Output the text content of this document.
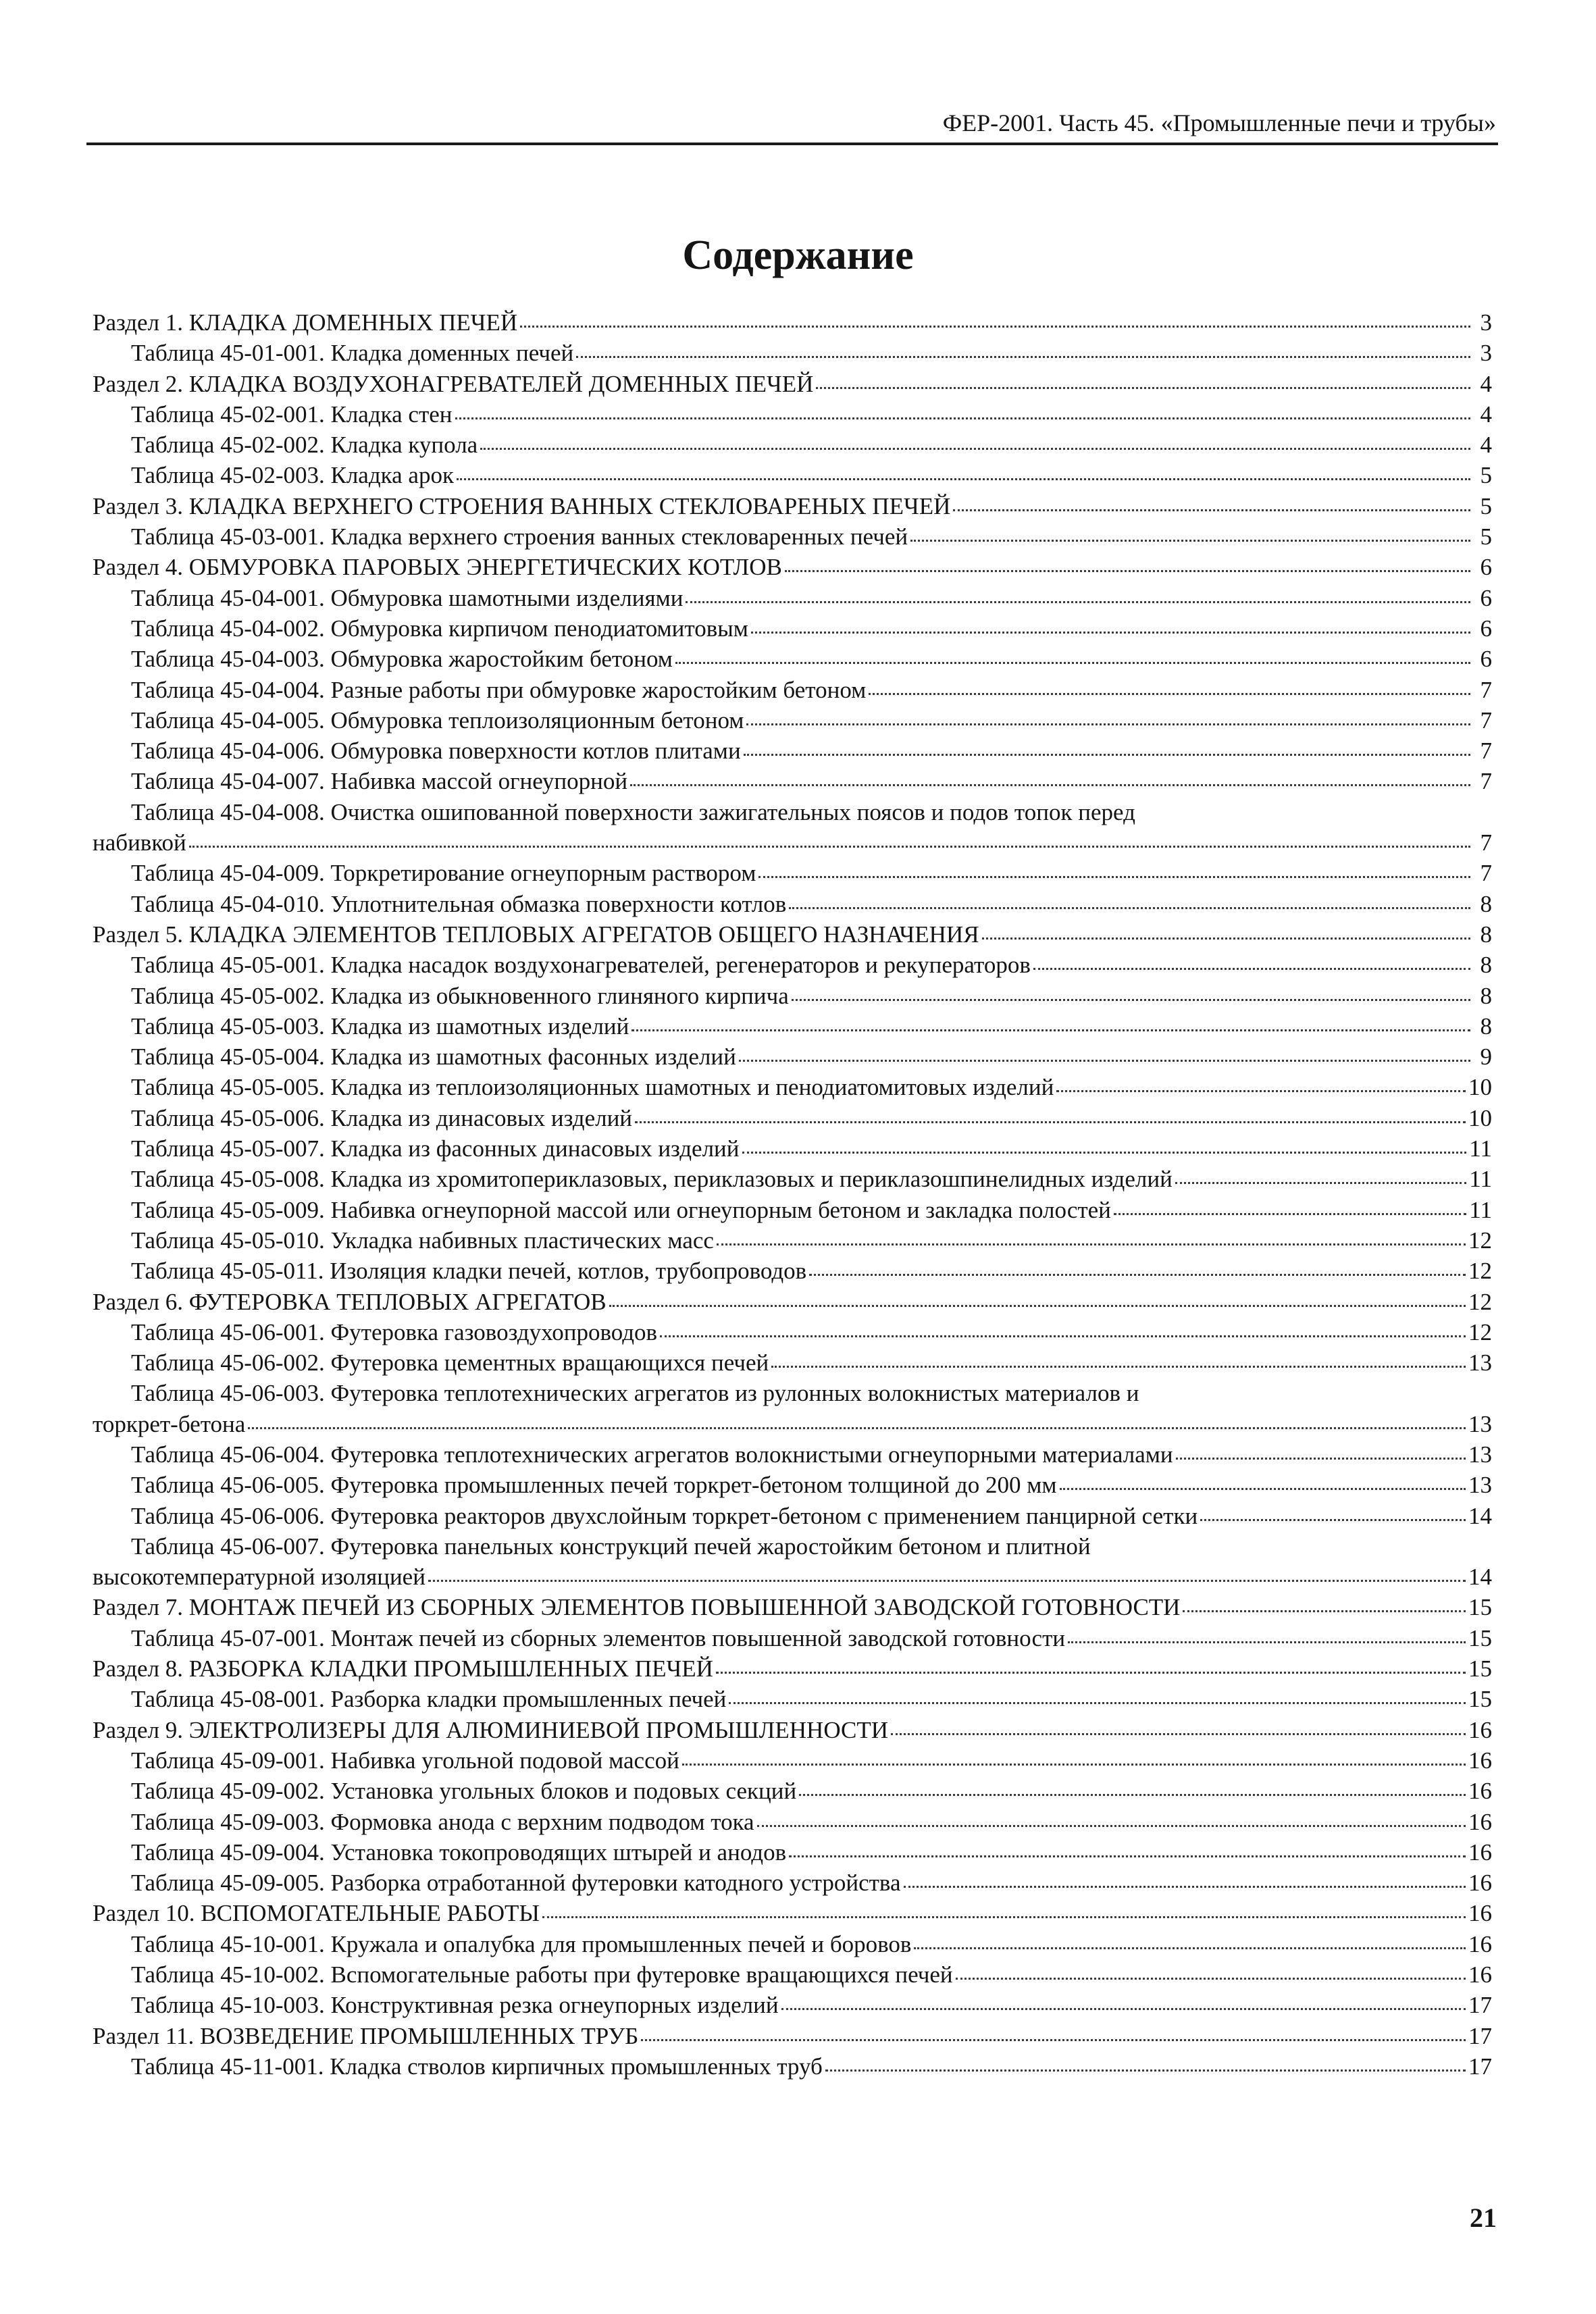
ФЕР-2001. Часть 45. «Промышленные печи и трубы»
Содержание
Раздел 1. КЛАДКА ДОМЕННЫХ ПЕЧЕЙ	3
Таблица 45-01-001. Кладка доменных печей	3
Раздел 2. КЛАДКА ВОЗДУХОНАГРЕВАТЕЛЕЙ ДОМЕННЫХ ПЕЧЕЙ	4
Таблица 45-02-001. Кладка стен	4
Таблица 45-02-002. Кладка купола	4
Таблица 45-02-003. Кладка арок	5
Раздел 3. КЛАДКА ВЕРХНЕГО СТРОЕНИЯ ВАННЫХ СТЕКЛОВАРЕНЫХ ПЕЧЕЙ	5
Таблица 45-03-001. Кладка верхнего строения ванных стекловаренных печей	5
Раздел 4. ОБМУРОВКА ПАРОВЫХ ЭНЕРГЕТИЧЕСКИХ КОТЛОВ	6
Таблица 45-04-001. Обмуровка шамотными изделиями	6
Таблица 45-04-002. Обмуровка кирпичом пенодиатомитовым	6
Таблица 45-04-003. Обмуровка жаростойким бетоном	6
Таблица 45-04-004. Разные работы при обмуровке жаростойким бетоном	7
Таблица 45-04-005. Обмуровка теплоизоляционным бетоном	7
Таблица 45-04-006. Обмуровка поверхности котлов плитами	7
Таблица 45-04-007. Набивка массой огнеупорной	7
Таблица 45-04-008. Очистка ошипованной поверхности зажигательных поясов и подов топок перед
набивкой	7
Таблица 45-04-009. Торкретирование огнеупорным раствором	7
Таблица 45-04-010. Уплотнительная обмазка поверхности котлов	8
Раздел 5. КЛАДКА ЭЛЕМЕНТОВ ТЕПЛОВЫХ АГРЕГАТОВ ОБЩЕГО НАЗНАЧЕНИЯ	8
Таблица 45-05-001. Кладка насадок воздухонагревателей, регенераторов и рекуператоров	8
Таблица 45-05-002. Кладка из обыкновенного глиняного кирпича	8
Таблица 45-05-003. Кладка из шамотных изделий	8
Таблица 45-05-004. Кладка из шамотных фасонных изделий	9
Таблица 45-05-005. Кладка из теплоизоляционных шамотных и пенодиатомитовых изделий	10
Таблица 45-05-006. Кладка из динасовых изделий	10
Таблица 45-05-007. Кладка из фасонных динасовых изделий	11
Таблица 45-05-008. Кладка из хромитопериклазовых, периклазовых и периклазошпинелидных изделий	11
Таблица 45-05-009. Набивка огнеупорной массой или огнеупорным бетоном и закладка полостей	11
Таблица 45-05-010. Укладка набивных пластических масс	12
Таблица 45-05-011. Изоляция кладки печей, котлов, трубопроводов	12
Раздел 6. ФУТЕРОВКА ТЕПЛОВЫХ АГРЕГАТОВ	12
Таблица 45-06-001. Футеровка газовоздухопроводов	12
Таблица 45-06-002. Футеровка цементных вращающихся печей	13
Таблица 45-06-003. Футеровка теплотехнических агрегатов из рулонных волокнистых материалов и
торкрет-бетона	13
Таблица 45-06-004. Футеровка теплотехнических агрегатов волокнистыми огнеупорными материалами	13
Таблица 45-06-005. Футеровка промышленных печей торкрет-бетоном толщиной до 200 мм	13
Таблица 45-06-006. Футеровка реакторов двухслойным торкрет-бетоном с применением панцирной сетки	14
Таблица 45-06-007. Футеровка панельных конструкций печей жаростойким бетоном и плитной
высокотемпературной изоляцией	14
Раздел 7. МОНТАЖ ПЕЧЕЙ ИЗ СБОРНЫХ ЭЛЕМЕНТОВ ПОВЫШЕННОЙ ЗАВОДСКОЙ ГОТОВНОСТИ	15
Таблица 45-07-001. Монтаж печей из сборных элементов повышенной заводской готовности	15
Раздел 8. РАЗБОРКА КЛАДКИ ПРОМЫШЛЕННЫХ ПЕЧЕЙ	15
Таблица 45-08-001. Разборка кладки промышленных печей	15
Раздел 9. ЭЛЕКТРОЛИЗЕРЫ ДЛЯ АЛЮМИНИЕВОЙ ПРОМЫШЛЕННОСТИ	16
Таблица 45-09-001. Набивка угольной подовой массой	16
Таблица 45-09-002. Установка угольных блоков и подовых секций	16
Таблица 45-09-003. Формовка анода с верхним подводом тока	16
Таблица 45-09-004. Установка токопроводящих штырей и анодов	16
Таблица 45-09-005. Разборка отработанной футеровки катодного устройства	16
Раздел 10. ВСПОМОГАТЕЛЬНЫЕ РАБОТЫ	16
Таблица 45-10-001. Кружала и опалубка для промышленных печей и боровов	16
Таблица 45-10-002. Вспомогательные работы при футеровке вращающихся печей	16
Таблица 45-10-003. Конструктивная резка огнеупорных изделий	17
Раздел 11. ВОЗВЕДЕНИЕ ПРОМЫШЛЕННЫХ ТРУБ	17
Таблица 45-11-001. Кладка стволов кирпичных промышленных труб	17
21
